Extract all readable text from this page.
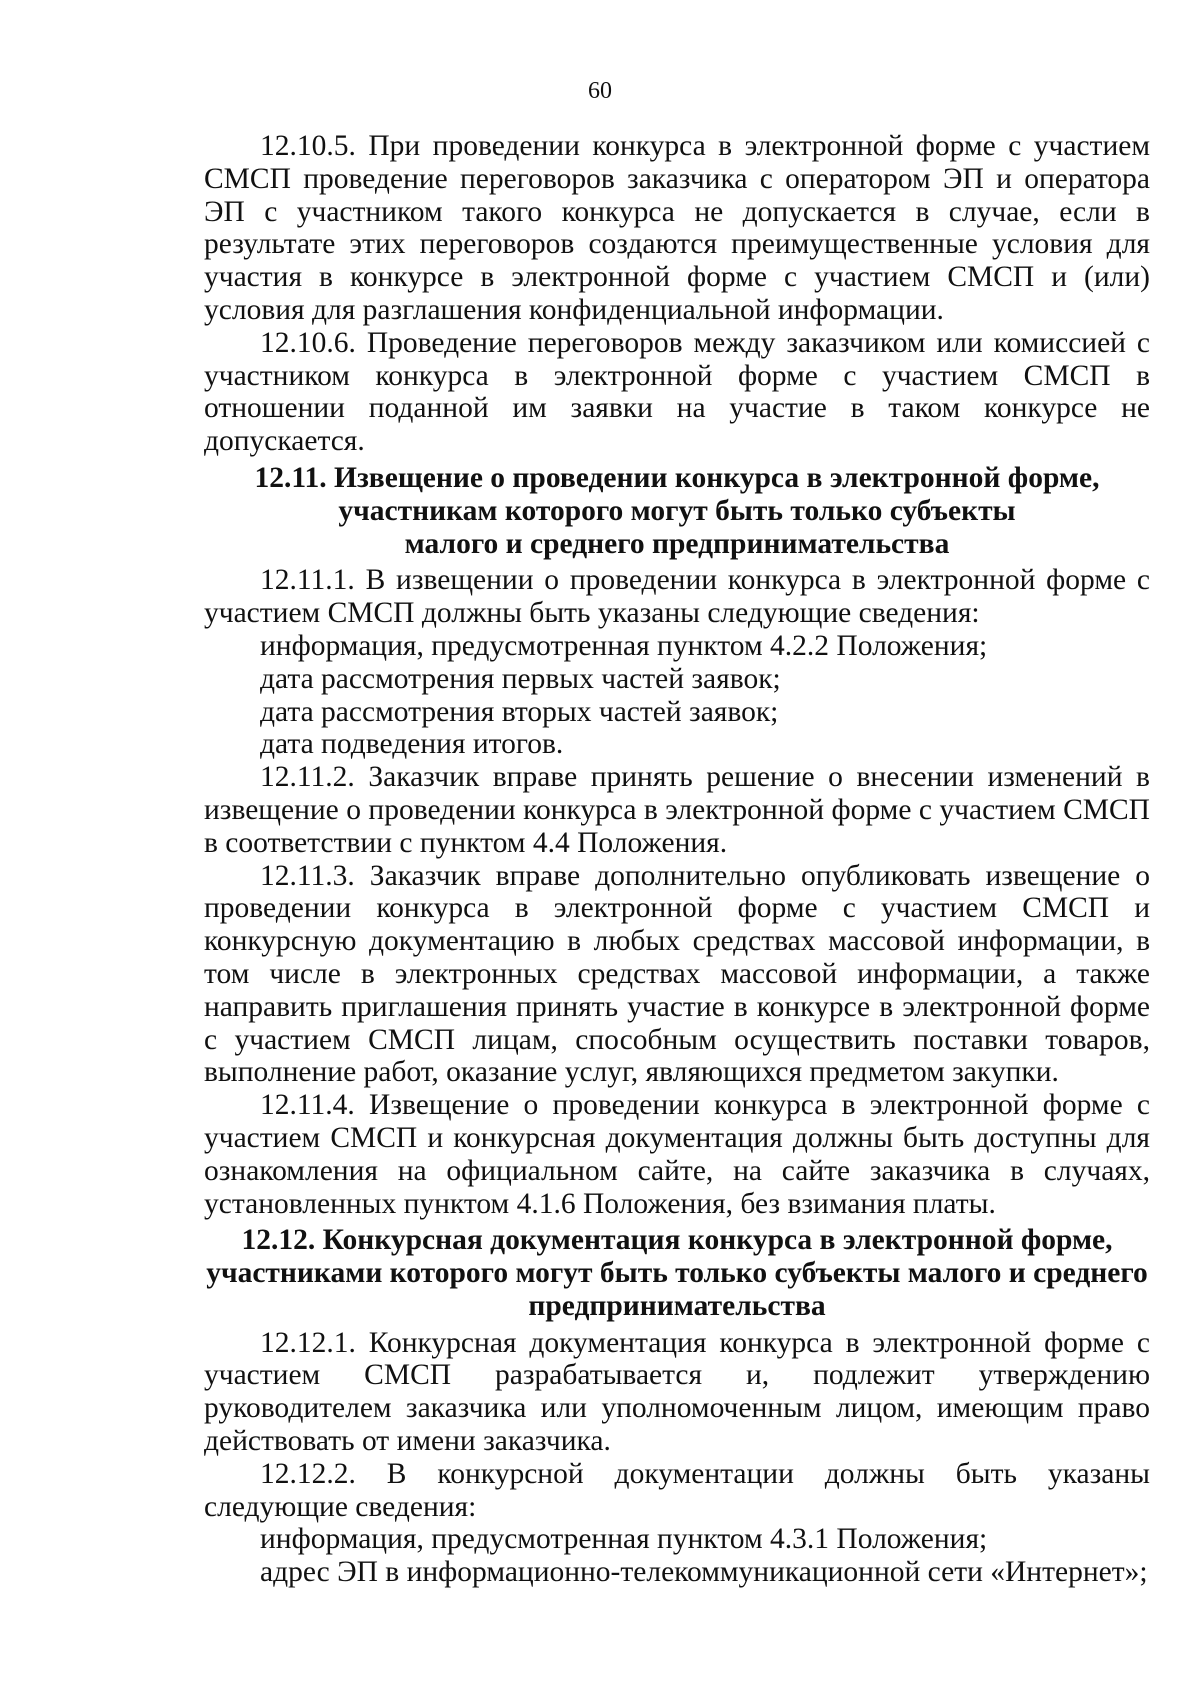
60

12.10.5. При проведении конкурса в электронной форме с участием СМСП проведение переговоров заказчика с оператором ЭП и оператора ЭП с участником такого конкурса не допускается в случае, если в результате этих переговоров создаются преимущественные условия для участия в конкурсе в электронной форме с участием СМСП и (или) условия для разглашения конфиденциальной информации.

12.10.6. Проведение переговоров между заказчиком или комиссией с участником конкурса в электронной форме с участием СМСП в отношении поданной им заявки на участие в таком конкурсе не допускается.

12.11. Извещение о проведении конкурса в электронной форме,
участникам которого могут быть только субъекты
малого и среднего предпринимательства

12.11.1. В извещении о проведении конкурса в электронной форме с участием СМСП должны быть указаны следующие сведения:

информация, предусмотренная пунктом 4.2.2 Положения;
дата рассмотрения первых частей заявок;
дата рассмотрения вторых частей заявок;
дата подведения итогов.

12.11.2. Заказчик вправе принять решение о внесении изменений в извещение о проведении конкурса в электронной форме с участием СМСП в соответствии с пунктом 4.4 Положения.

12.11.3. Заказчик вправе дополнительно опубликовать извещение о проведении конкурса в электронной форме с участием СМСП и конкурсную документацию в любых средствах массовой информации, в том числе в электронных средствах массовой информации, а также направить приглашения принять участие в конкурсе в электронной форме с участием СМСП лицам, способным осуществить поставки товаров, выполнение работ, оказание услуг, являющихся предметом закупки.

12.11.4. Извещение о проведении конкурса в электронной форме с участием СМСП и конкурсная документация должны быть доступны для ознакомления на официальном сайте, на сайте заказчика в случаях, установленных пунктом 4.1.6 Положения, без взимания платы.

12.12. Конкурсная документация конкурса в электронной форме,
участниками которого могут быть только субъекты малого и среднего
предпринимательства

12.12.1. Конкурсная документация конкурса в электронной форме с участием СМСП разрабатывается и, подлежит утверждению руководителем заказчика или уполномоченным лицом, имеющим право действовать от имени заказчика.

12.12.2. В конкурсной документации должны быть указаны следующие сведения:

информация, предусмотренная пунктом 4.3.1 Положения;
адрес ЭП в информационно-телекоммуникационной сети «Интернет»;
